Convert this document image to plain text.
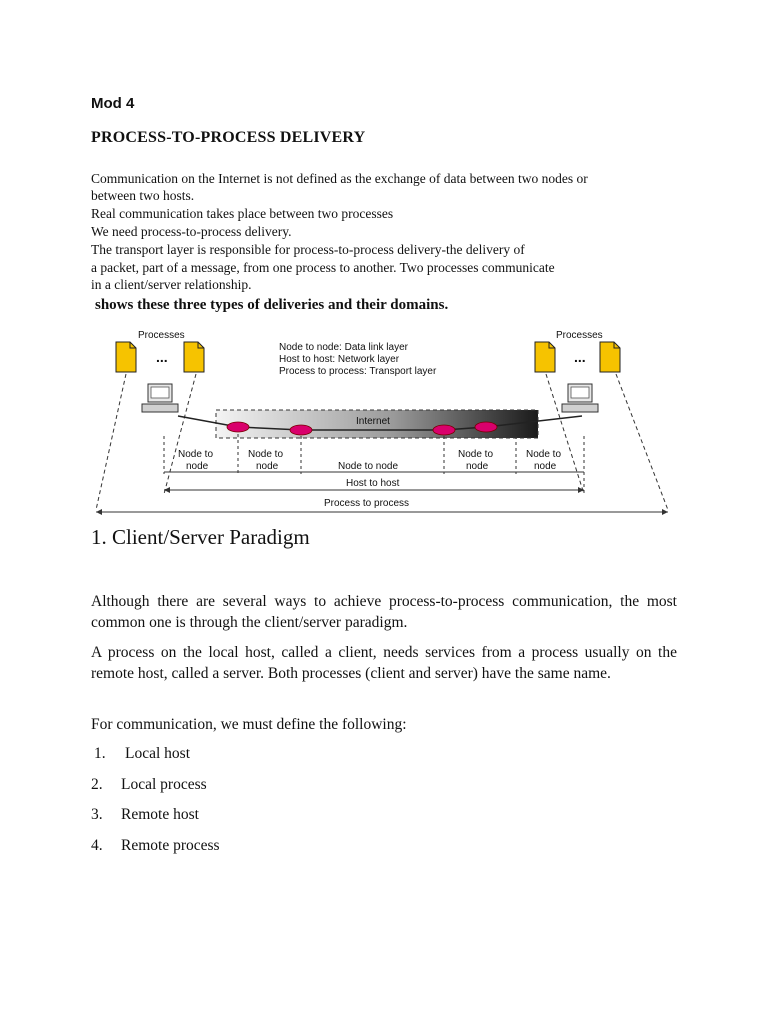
Mod 4
PROCESS-TO-PROCESS DELIVERY
Communication on the Internet is not defined as the exchange of data between two nodes or
between two hosts.
Real communication takes place between two processes
We need process-to-process delivery.
The transport layer is responsible for process-to-process delivery-the delivery of
a packet, part of a message, from one process to another. Two processes communicate
in a client/server relationship.
shows these three types of deliveries and their domains.
Processes
...
Processes
...
Node to node: Data link layer
Host to host: Network layer
Process to process: Transport layer
Internet
Node to
node
Node to
node	Node to node
Node to
node
Node to
node
Host to host
Process to process
1. Client/Server Paradigm

Although there are several ways to achieve process-to-process communication, the most common one is through the client/server paradigm.

A process on the local host, called a client, needs services from a process usually on the remote host, called a server. Both processes (client and server) have the same name.

For communication, we must define the following:

1. Local host
2. Local process
3. Remote host
4. Remote process
